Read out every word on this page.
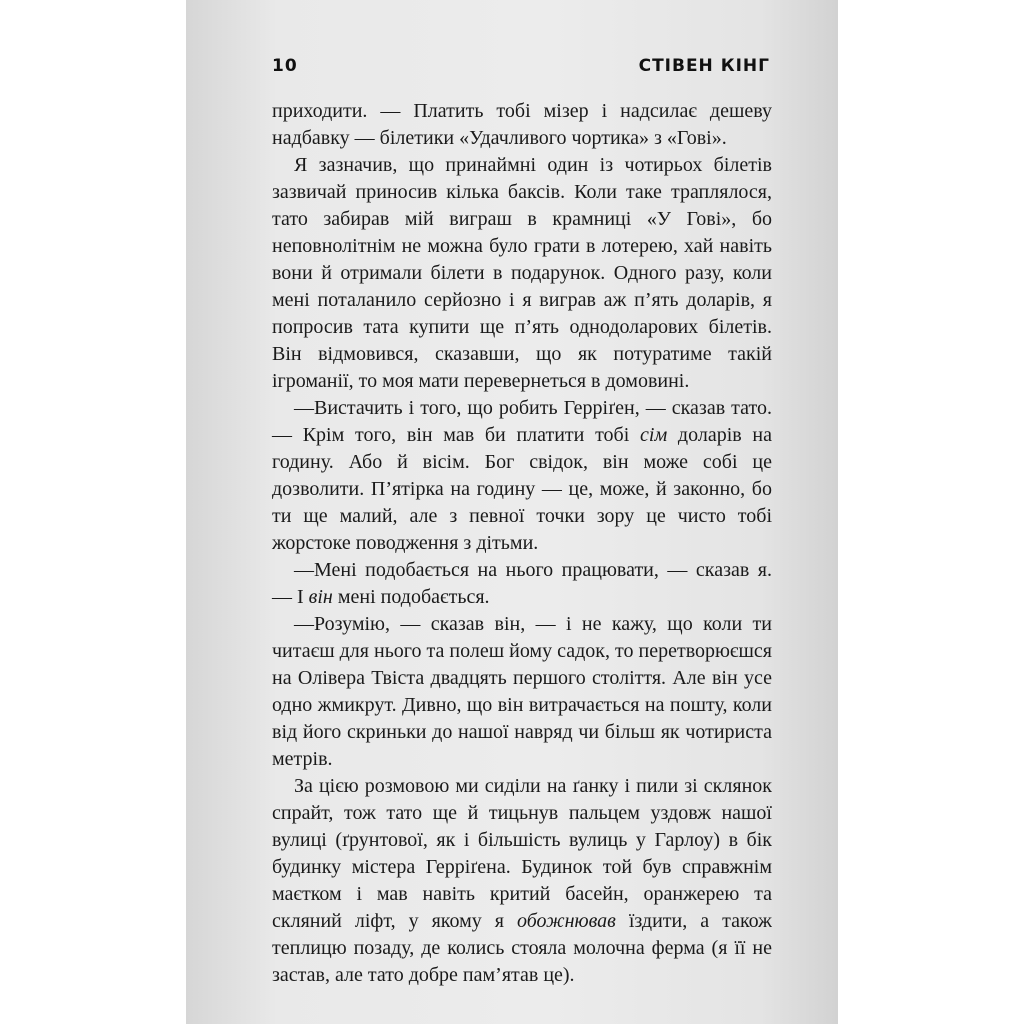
10	СТІВЕН КІНГ

приходити. — Платить тобі мізер і надсилає дешеву надбавку — білетики «Удачливого чортика» з «Гові».

Я зазначив, що принаймні один із чотирьох білетів зазвичай приносив кілька баксів. Коли таке траплялося, тато забирав мій виграш в крамниці «У Гові», бо неповнолітнім не можна було грати в лотерею, хай навіть вони й отримали білети в подарунок. Одного разу, коли мені поталанило серйозно і я виграв аж п’ять доларів, я попросив тата купити ще п’ять однодоларових білетів. Він відмовився, сказавши, що як потуратиме такій ігроманії, то моя мати перевернеться в домовині.

—Вистачить і того, що робить Герріґен, — сказав тато. — Крім того, він мав би платити тобі сім доларів на годину. Або й вісім. Бог свідок, він може собі це дозволити. П’ятірка на годину — це, може, й законно, бо ти ще малий, але з певної точки зору це чисто тобі жорстоке поводження з дітьми.

—Мені подобається на нього працювати, — сказав я. — І він мені подобається.

—Розумію, — сказав він, — і не кажу, що коли ти читаєш для нього та полеш йому садок, то перетворюєшся на Олівера Твіста двадцять першого століття. Але він усе одно жмикрут. Дивно, що він витрачається на пошту, коли від його скриньки до нашої навряд чи більш як чотириста метрів.

За цією розмовою ми сиділи на ґанку і пили зі склянок спрайт, тож тато ще й тицьнув пальцем уздовж нашої вулиці (ґрунтової, як і більшість вулиць у Гарлоу) в бік будинку містера Герріґена. Будинок той був справжнім маєтком і мав навіть критий басейн, оранжерею та скляний ліфт, у якому я обожнював їздити, а також теплицю позаду, де колись стояла молочна ферма (я її не застав, але тато добре пам’ятав це).
